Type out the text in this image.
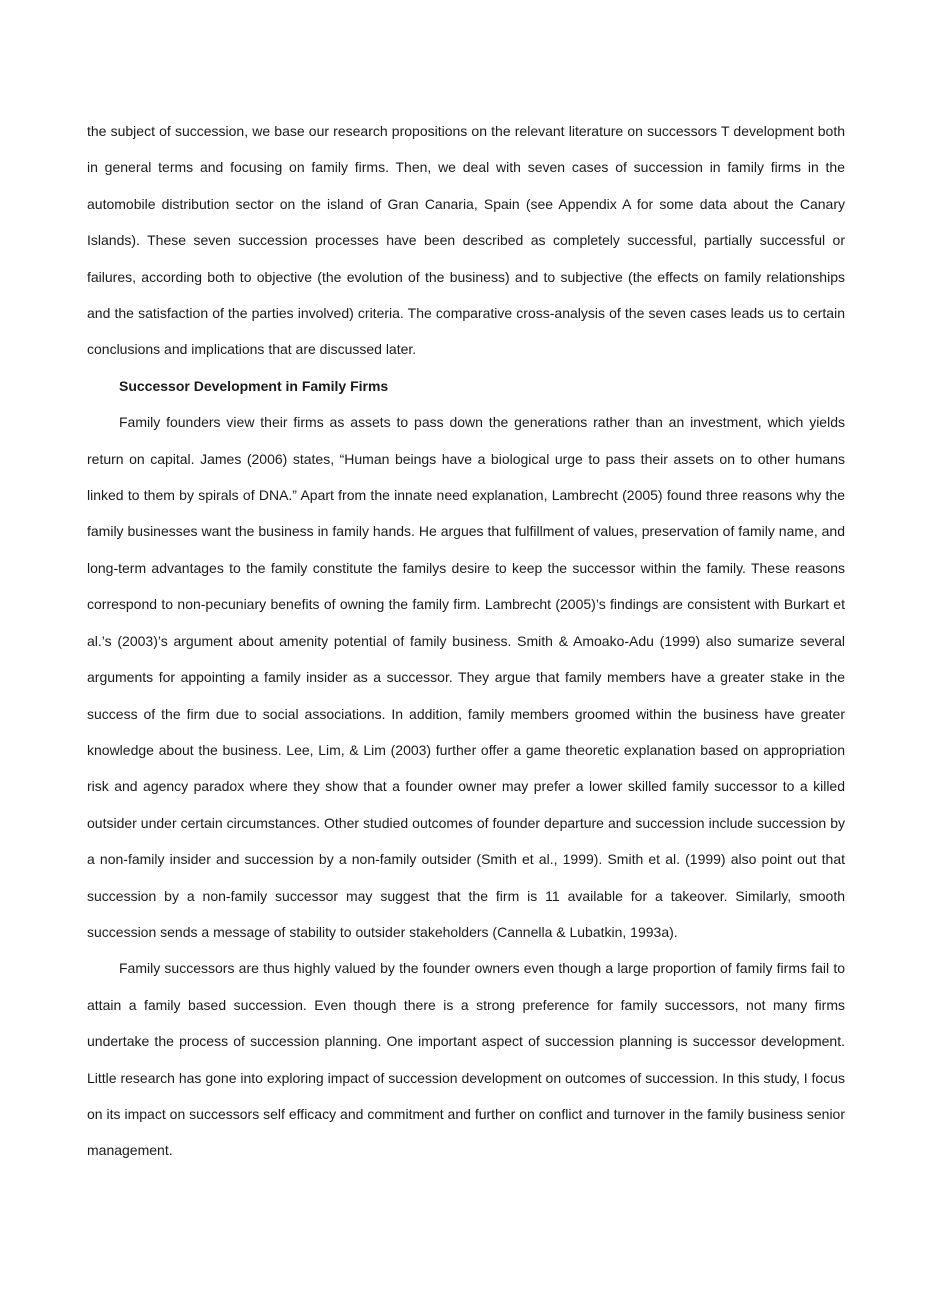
the subject of succession, we base our research propositions on the relevant literature on successors T development both in general terms and focusing on family firms. Then, we deal with seven cases of succession in family firms in the automobile distribution sector on the island of Gran Canaria, Spain (see Appendix A for some data about the Canary Islands). These seven succession processes have been described as completely successful, partially successful or failures, according both to objective (the evolution of the business) and to subjective (the effects on family relationships and the satisfaction of the parties involved) criteria. The comparative cross-analysis of the seven cases leads us to certain conclusions and implications that are discussed later.

Successor Development in Family Firms

Family founders view their firms as assets to pass down the generations rather than an investment, which yields return on capital. James (2006) states, “Human beings have a biological urge to pass their assets on to other humans linked to them by spirals of DNA.” Apart from the innate need explanation, Lambrecht (2005) found three reasons why the family businesses want the business in family hands. He argues that fulfillment of values, preservation of family name, and long-term advantages to the family constitute the familys desire to keep the successor within the family. These reasons correspond to non-pecuniary benefits of owning the family firm. Lambrecht (2005)’s findings are consistent with Burkart et al.’s (2003)’s argument about amenity potential of family business. Smith & Amoako-Adu (1999) also sumarize several arguments for appointing a family insider as a successor. They argue that family members have a greater stake in the success of the firm due to social associations. In addition, family members groomed within the business have greater knowledge about the business. Lee, Lim, & Lim (2003) further offer a game theoretic explanation based on appropriation risk and agency paradox where they show that a founder owner may prefer a lower skilled family successor to a killed outsider under certain circumstances. Other studied outcomes of founder departure and succession include succession by a non-family insider and succession by a non-family outsider (Smith et al., 1999). Smith et al. (1999) also point out that succession by a non-family successor may suggest that the firm is 11 available for a takeover. Similarly, smooth succession sends a message of stability to outsider stakeholders (Cannella & Lubatkin, 1993a).

Family successors are thus highly valued by the founder owners even though a large proportion of family firms fail to attain a family based succession. Even though there is a strong preference for family successors, not many firms undertake the process of succession planning. One important aspect of succession planning is successor development. Little research has gone into exploring impact of succession development on outcomes of succession. In this study, I focus on its impact on successors self efficacy and commitment and further on conflict and turnover in the family business senior management.
